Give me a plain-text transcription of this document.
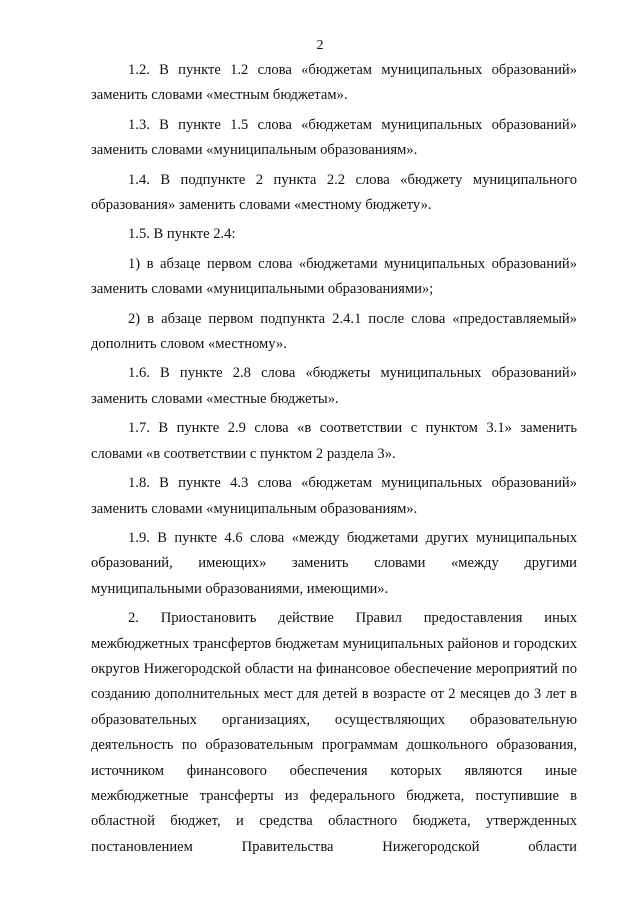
2

1.2. В пункте 1.2 слова «бюджетам муниципальных образований» заменить словами «местным бюджетам».

1.3. В пункте 1.5 слова «бюджетам муниципальных образований» заменить словами «муниципальным образованиям».

1.4. В подпункте 2 пункта 2.2 слова «бюджету муниципального образования» заменить словами «местному бюджету».

1.5. В пункте 2.4:

1) в абзаце первом слова «бюджетами муниципальных образований» заменить словами «муниципальными образованиями»;

2) в абзаце первом подпункта 2.4.1 после слова «предоставляемый» дополнить словом «местному».

1.6. В пункте 2.8 слова «бюджеты муниципальных образований» заменить словами «местные бюджеты».

1.7. В пункте 2.9 слова «в соответствии с пунктом 3.1» заменить словами «в соответствии с пунктом 2 раздела 3».

1.8. В пункте 4.3 слова «бюджетам муниципальных образований» заменить словами «муниципальным образованиям».

1.9. В пункте 4.6 слова «между бюджетами других муниципальных образований, имеющих» заменить словами «между другими муниципальными образованиями, имеющими».

2. Приостановить действие Правил предоставления иных межбюджетных трансфертов бюджетам муниципальных районов и городских округов Нижегородской области на финансовое обеспечение мероприятий по созданию дополнительных мест для детей в возрасте от 2 месяцев до 3 лет в образовательных организациях, осуществляющих образовательную деятельность по образовательным программам дошкольного образования, источником финансового обеспечения которых являются иные межбюджетные трансферты из федерального бюджета, поступившие в областной бюджет, и средства областного бюджета, утвержденных постановлением Правительства Нижегородской области
